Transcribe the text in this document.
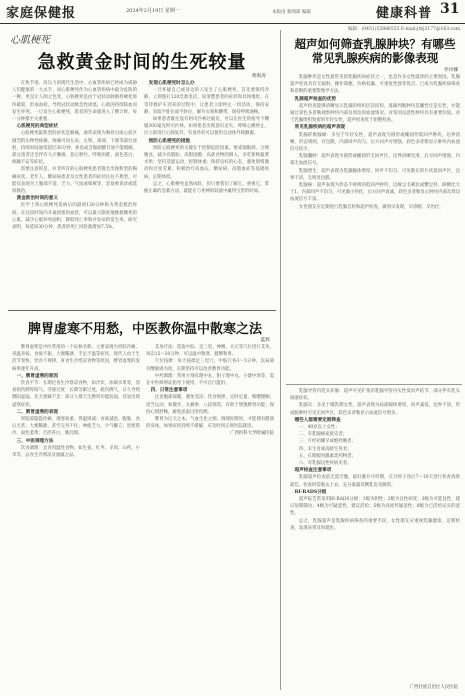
家庭保健报	2024年2月19日 星期一	本版由 新闻部 编辑	健康科普 31
编辑：(0451)55886555 E-mail:jtbj3177@163.com
心肌梗死
急救黄金时间的生死较量
黄海涛

在快节奏、高压力的现代生活中，心血管疾病已经成为威胁人们健康的一大杀手，而心肌梗死作为心血管疾病中最为危险的一种，更是让人闻之色变。心肌梗死是由于冠状动脉粥样硬化斑块破裂，形成血栓，导致冠状动脉急性闭塞，心肌因持续缺血而发生坏死。一旦发生心肌梗死，患者的生命就进入了倒计时，每一分钟都至关重要。

心肌梗死的典型症状

心肌梗死最典型的症状是胸痛，通常表现为胸骨后或心前区剧烈的压榨性疼痛，疼痛可向左肩、左臂、颈部、下颌等部位放射，持续时间通常超过30分钟，休息或含服硝酸甘油不能缓解。部分患者还会伴有大汗淋漓、恶心呕吐、呼吸困难、面色苍白、烦躁不安等症状。

需要注意的是，并非所有的心肌梗死患者都会出现典型的胸痛症状。老年人、糖尿病患者及女性患者的症状往往不典型，可能仅表现为上腹部不适、乏力、气短或晕厥等，容易被误诊或延误救治。

黄金救治时间的意义

医学上将心肌梗死发病后的最初120分钟称为黄金救治时间。在这段时间内开通闭塞的血管，可以最大限度地挽救濒死的心肌，减少心肌坏死面积，降低死亡率和并发症的发生率。研究表明，每延误30分钟，患者的死亡风险就增加7.5%。

发现心肌梗死时怎么办

一旦怀疑自己或身边的人发生了心肌梗死，首先要保持冷静，立即拨打120急救电话，说清楚患者的症状和具体地址。在等待救护车到来的过程中，让患者立即停止一切活动，保持安静，采取半卧位或平卧位，解开衣领和腰带，保持呼吸通畅。

如果患者既往没有阿司匹林过敏史，可以在医生的指导下嚼服300毫克阿司匹林。如果患者出现意识丧失、呼吸心跳停止，应立即进行心肺复苏，有条件的可以使用自动体外除颤器。

预防心肌梗死的措施

预防心肌梗死的关键在于控制危险因素。要戒烟限酒，合理膳食，减少高脂肪、高胆固醇、高盐食物的摄入，多吃新鲜蔬菜水果；坚持适量运动，控制体重；保持良好的心态，避免情绪激动和过度劳累；积极治疗高血压、糖尿病、高脂血症等基础疾病，定期体检。

总之，心肌梗死虽然凶险，但只要我们了解它、重视它，掌握正确的急救方法，就能在与死神的较量中赢得宝贵的时间。

超声如何筛查乳腺肿块？有哪些常见乳腺疾病的影像表现
李玲娜

乳腺肿块是女性最常见的乳腺疾病症状之一，也是许多女性就诊的主要原因。乳腺超声检查具有无辐射、操作简便、价格低廉、可重复性强等优点，已成为乳腺疾病筛查和诊断的重要影像学方法。

乳腺超声检查的优势

超声检查能够清晰显示乳腺的组织层次结构，准确判断肿块是囊性还是实性，并能通过彩色多普勒观察肿块内部及周边的血流情况，对鉴别良恶性肿块具有重要价值。对于乳腺组织致密的年轻女性，超声检查优于钼靶检查。

常见乳腺疾病的超声表现

乳腺纤维腺瘤：多见于年轻女性，超声表现为圆形或椭圆形低回声肿块，边界清晰，形态规则，有包膜，内部回声均匀，后方回声可增强，彩色多普勒显示肿块内血流信号较少。

乳腺囊肿：超声表现为圆形或椭圆形无回声区，边界清晰光滑，后方回声增强，内部无血流信号。

乳腺增生：超声表现为乳腺腺体增厚，回声不均匀，可见散在的片状低回声区，边界不清，无明显包膜。

乳腺癌：超声表现为形态不规则的低回声肿块，边缘呈毛刺状或蟹足样，纵横比大于1，内部回声不均匀，可见微小钙化，后方回声衰减，彩色多普勒显示肿块内部及周边血流信号丰富。

女性朋友应定期进行乳腺自检和超声检查，做到早发现、早诊断、早治疗。

脾胃虚寒不用愁，中医教你温中散寒之法
蓝辉

脾胃虚寒是中医常用的一个证候名称，主要表现为胃脘冷痛、喜温喜按、食欲不振、大便稀溏、手足不温等症状。现代人由于生活节奏快、饮食不规律、喜食生冷寒凉食物等原因，脾胃虚寒的发病率逐年升高。

一、脾胃虚寒的原因

饮食不节：长期过食生冷寒凉食物，如冷饮、冰镇水果等，容易损伤脾胃阳气。劳倦过度：长期劳累过度，耗伤脾气，日久导致脾阳虚弱。先天禀赋不足：部分人群天生脾胃功能较弱，容易出现虚寒症状。

二、脾胃虚寒的表现

胃脘部隐隐作痛，遇寒加重，得温则减；食欲减退，腹胀，食后尤甚；大便稀溏，甚至完谷不化；神疲乏力，少气懒言；畏寒肢冷，面色萎黄；舌淡苔白，脉沉细。

三、中医调理方法

饮食调理：宜食用温性食物，如生姜、红枣、羊肉、山药、小米等，忌食生冷寒凉及油腻之品。

艾灸疗法：选取中脘、足三里、神阙、关元等穴位进行艾灸，每次15～20分钟，可以温中散寒、健脾和胃。

穴位按摩：每天按揉足三里穴、中脘穴各3～5分钟，以局部有酸胀感为度，长期坚持可以改善脾胃功能。

中药调理：常用方剂有理中丸、附子理中丸、小建中汤等，需在中医师辨证指导下使用，不可自行滥用。

四、日常注意事项

注意腹部保暖，避免受凉；饮食规律，定时定量，细嚼慢咽；适当运动，如散步、太极拳、八段锦等，有助于增强脾胃功能；保持心情舒畅，避免思虑过度伤脾。

脾胃为后天之本，气血生化之源。调理好脾胃，才能拥有健康的身体。如果症状持续不缓解，应及时到正规医院就诊。

广西医科大学附属医院

乳腺导管内乳头状瘤：超声可见扩张的乳腺导管内实性低回声结节，部分伴有乳头溢液症状。

乳腺炎：多见于哺乳期女性，超声表现为局部腺体增厚，回声减低，边界不清，形成脓肿时可见无回声区，彩色多普勒显示血流信号增多。

哪些人群需要定期筛查

一、40岁以上女性；

二、有乳腺癌家族史者；

三、月经初潮早或绝经晚者；

四、未生育或高龄生育者；

五、长期服用激素类药物者；

六、有乳腺良性疾病史者。

超声检查注意事项

乳腺超声检查前无需空腹，最好避开月经期，在月经干净后7～10天进行检查效果最佳。检查时需脱去上衣，充分暴露双侧乳房及腋窝。

BI-RADS分级

超声报告常采用BI-RADS分级：1级为阴性；2级为良性病变；3级为可能良性，建议短期随访；4级为可疑恶性，建议活检；5级为高度怀疑恶性；6级为已活检证实的恶性。

总之，乳腺超声是乳腺疾病筛查的重要手段，女性朋友应重视乳腺健康，定期检查，发现异常及时就医。

广西壮族自治区人民医院
